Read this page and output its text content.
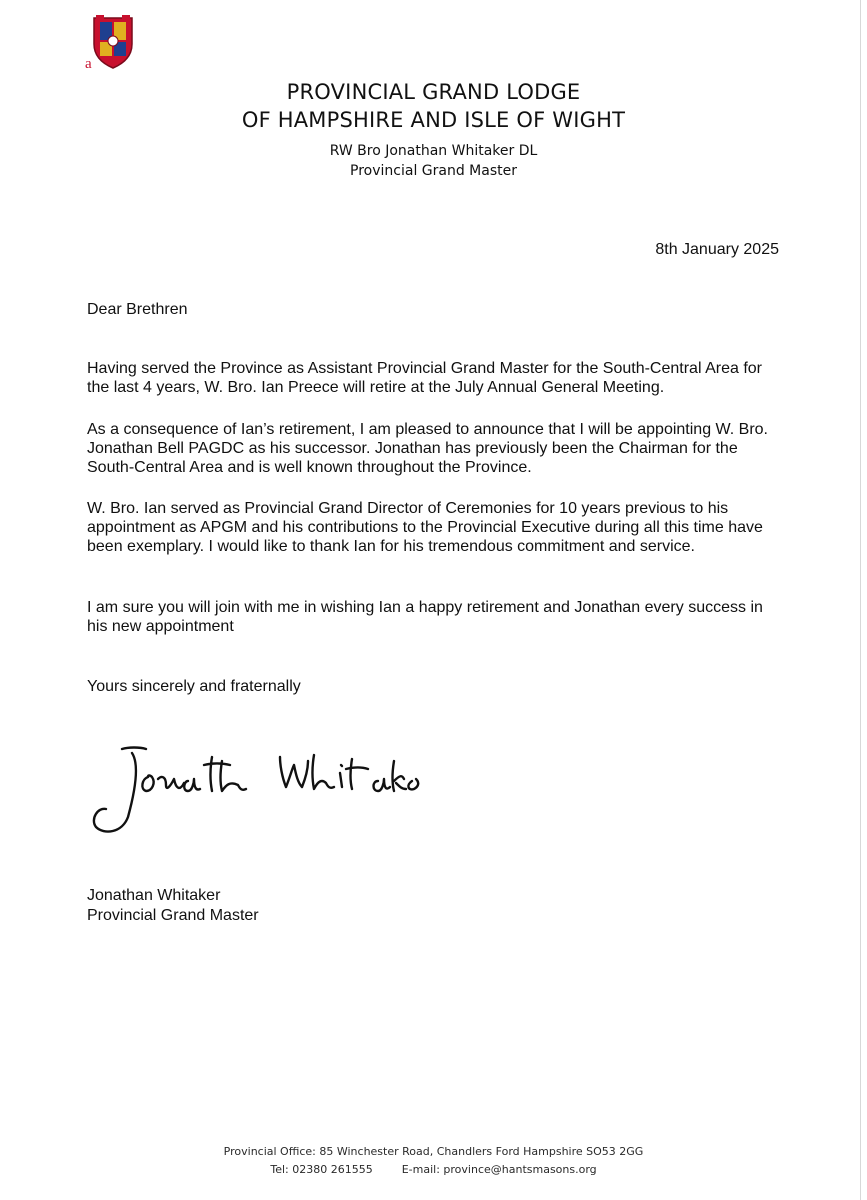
a
PROVINCIAL GRAND LODGE
OF HAMPSHIRE AND ISLE OF WIGHT
RW Bro Jonathan Whitaker DL
Provincial Grand Master
8th January 2025
Dear Brethren
Having served the Province as Assistant Provincial Grand Master for the South-Central Area for the last 4 years, W. Bro. Ian Preece will retire at the July Annual General Meeting.
As a consequence of Ian’s retirement, I am pleased to announce that I will be appointing W. Bro. Jonathan Bell PAGDC as his successor. Jonathan has previously been the Chairman for the South-Central Area and is well known throughout the Province.
W. Bro. Ian served as Provincial Grand Director of Ceremonies for 10 years previous to his appointment as APGM and his contributions to the Provincial Executive during all this time have been exemplary. I would like to thank Ian for his tremendous commitment and service.
I am sure you will join with me in wishing Ian a happy retirement and Jonathan every success in his new appointment
Yours sincerely and fraternally
Jonathan Whitaker
Provincial Grand Master
Provincial Office: 85 Winchester Road, Chandlers Ford Hampshire SO53 2GG
Tel: 02380 261555	E-mail: province@hantsmasons.org
